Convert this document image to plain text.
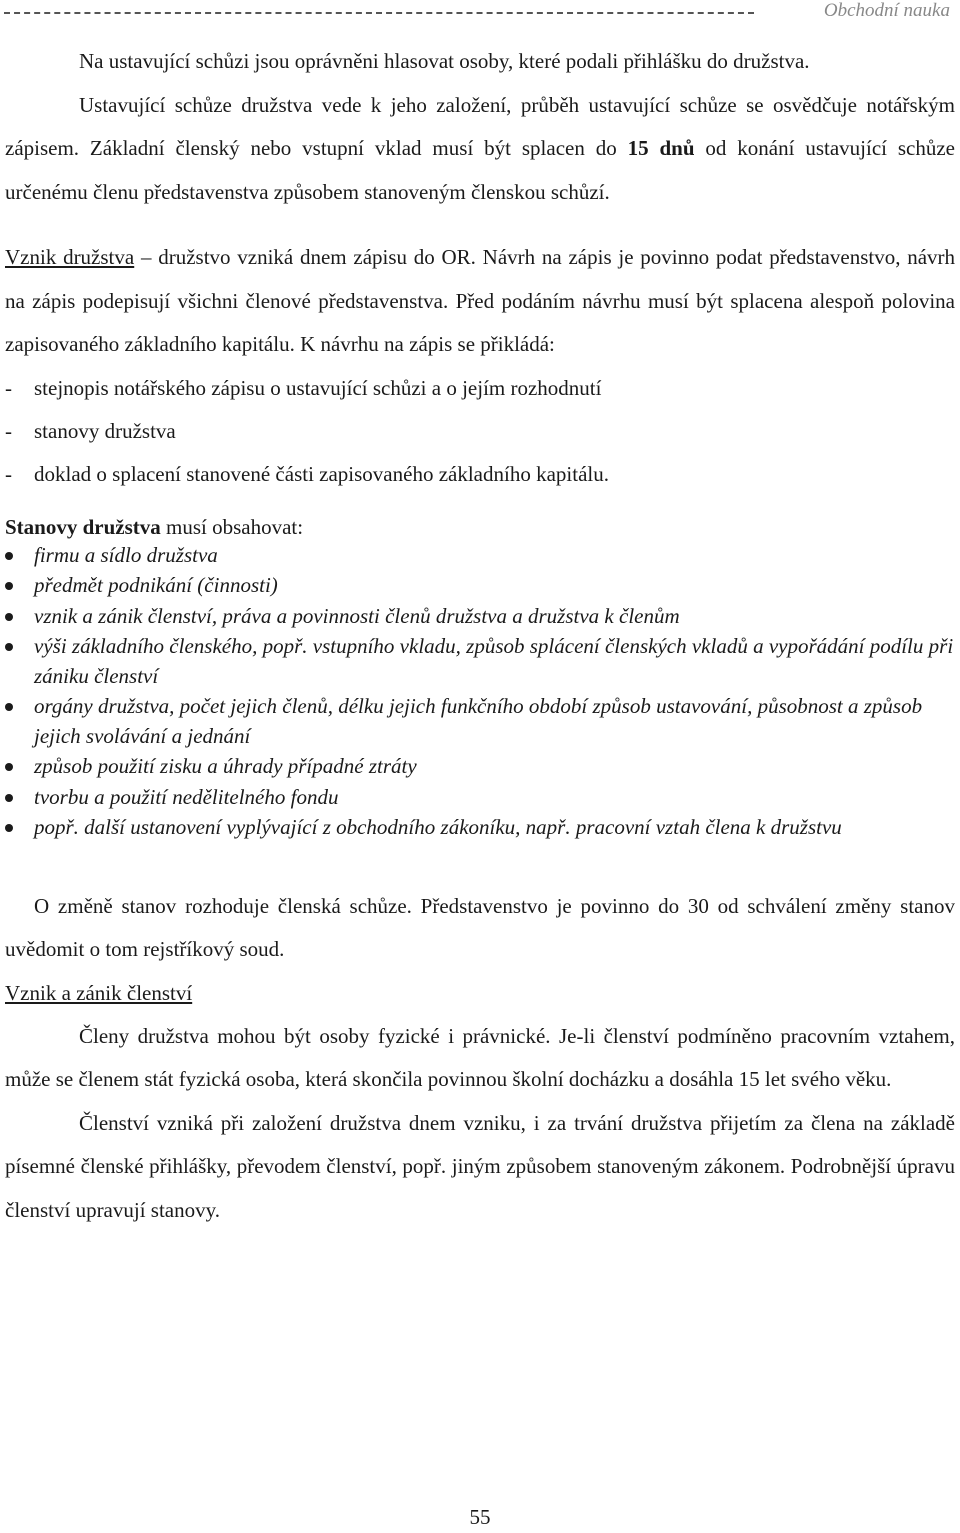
Obchodní nauka

Na ustavující schůzi jsou oprávněni hlasovat osoby, které podali přihlášku do družstva.

Ustavující schůze družstva vede k jeho založení, průběh ustavující schůze se osvědčuje notářským zápisem. Základní členský nebo vstupní vklad musí být splacen do 15 dnů od konání ustavující schůze určenému členu představenstva způsobem stanoveným členskou schůzí.

Vznik družstva – družstvo vzniká dnem zápisu do OR. Návrh na zápis je povinno podat představenstvo, návrh na zápis podepisují všichni členové představenstva. Před podáním návrhu musí být splacena alespoň polovina zapisovaného základního kapitálu. K návrhu na zápis se přikládá:

- stejnopis notářského zápisu o ustavující schůzi a o jejím rozhodnutí
- stanovy družstva
- doklad o splacení stanovené části zapisovaného základního kapitálu.

Stanovy družstva musí obsahovat:

firmu a sídlo družstva
předmět podnikání (činnosti)
vznik a zánik členství, práva a povinnosti členů družstva a družstva k členům
výši základního členského, popř. vstupního vkladu, způsob splácení členských vkladů a vypořádání podílu při zániku členství
orgány družstva, počet jejich členů, délku jejich funkčního období způsob ustavování, působnost a způsob jejich svolávání a jednání
způsob použití zisku a úhrady případné ztráty
tvorbu a použití nedělitelného fondu
popř. další ustanovení vyplývající z obchodního zákoníku, např. pracovní vztah člena k družstvu

O změně stanov rozhoduje členská schůze. Představenstvo je povinno do 30 od schválení změny stanov uvědomit o tom rejstříkový soud.

Vznik a zánik členství

Členy družstva mohou být osoby fyzické i právnické. Je-li členství podmíněno pracovním vztahem, může se členem stát fyzická osoba, která skončila povinnou školní docházku a dosáhla 15 let svého věku.

Členství vzniká při založení družstva dnem vzniku, i za trvání družstva přijetím za člena na základě písemné členské přihlášky, převodem členství, popř. jiným způsobem stanoveným zákonem. Podrobnější úpravu členství upravují stanovy.

55
